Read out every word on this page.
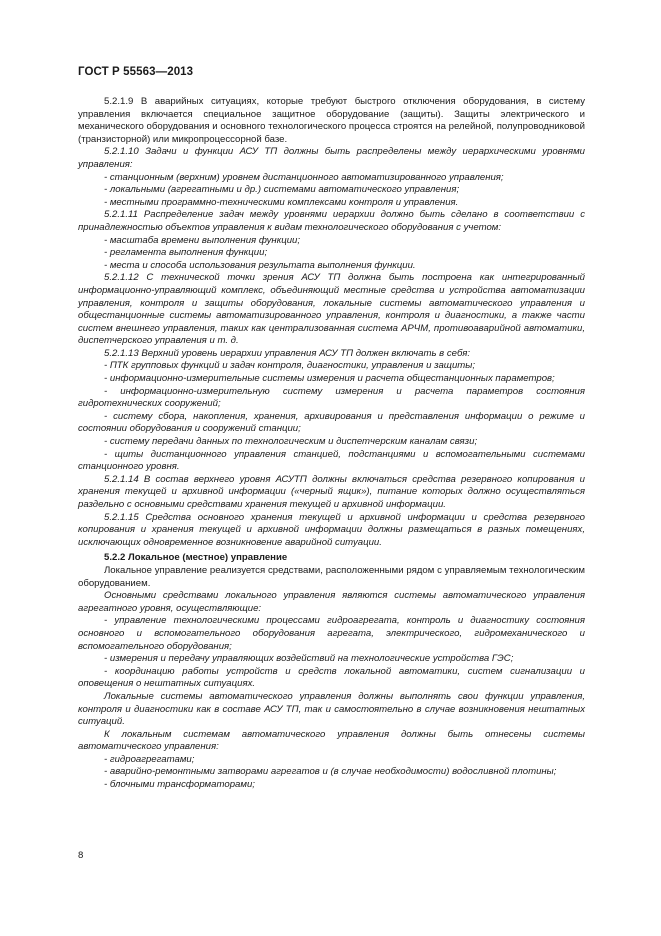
ГОСТ Р 55563—2013

5.2.1.9 В аварийных ситуациях, которые требуют быстрого отключения оборудования, в систему управления включается специальное защитное оборудование (защиты). Защиты электрического и механического оборудования и основного технологического процесса строятся на релейной, полупроводниковой (транзисторной) или микропроцессорной базе.

5.2.1.10 Задачи и функции АСУ ТП должны быть распределены между иерархическими уровнями управления:

- станционным (верхним) уровнем дистанционного автоматизированного управления;

- локальными (агрегатными и др.) системами автоматического управления;

- местными программно-техническими комплексами контроля и управления.

5.2.1.11 Распределение задач между уровнями иерархии должно быть сделано в соответствии с принадлежностью объектов управления к видам технологического оборудования с учетом:

- масштаба времени выполнения функции;

- регламента выполнения функции;

- места и способа использования результата выполнения функции.

5.2.1.12 С технической точки зрения АСУ ТП должна быть построена как интегрированный информационно-управляющий комплекс, объединяющий местные средства и устройства автоматизации управления, контроля и защиты оборудования, локальные системы автоматического управления и общестанционные системы автоматизированного управления, контроля и диагностики, а также части систем внешнего управления, таких как централизованная система АРЧМ, противоаварийной автоматики, диспетчерского управления и т. д.

5.2.1.13 Верхний уровень иерархии управления АСУ ТП должен включать в себя:

- ПТК групповых функций и задач контроля, диагностики, управления и защиты;

- информационно-измерительные системы измерения и расчета общестанционных параметров;

- информационно-измерительную систему измерения и расчета параметров состояния гидротехнических сооружений;

- систему сбора, накопления, хранения, архивирования и представления информации о режиме и состоянии оборудования и сооружений станции;

- систему передачи данных по технологическим и диспетчерским каналам связи;

- щиты дистанционного управления станцией, подстанциями и вспомогательными системами станционного уровня.

5.2.1.14 В состав верхнего уровня АСУТП должны включаться средства резервного копирования и хранения текущей и архивной информации («черный ящик»), питание которых должно осуществляться раздельно с основными средствами хранения текущей и архивной информации.

5.2.1.15 Средства основного хранения текущей и архивной информации и средства резервного копирования и хранения текущей и архивной информации должны размещаться в разных помещениях, исключающих одновременное возникновение аварийной ситуации.

5.2.2 Локальное (местное) управление

Локальное управление реализуется средствами, расположенными рядом с управляемым технологическим оборудованием.

Основными средствами локального управления являются системы автоматического управления агрегатного уровня, осуществляющие:

- управление технологическими процессами гидроагрегата, контроль и диагностику состояния основного и вспомогательного оборудования агрегата, электрического, гидромеханического и вспомогательного оборудования;

- измерения и передачу управляющих воздействий на технологические устройства ГЭС;

- координацию работы устройств и средств локальной автоматики, систем сигнализации и оповещения о нештатных ситуациях.

Локальные системы автоматического управления должны выполнять свои функции управления, контроля и диагностики как в составе АСУ ТП, так и самостоятельно в случае возникновения нештатных ситуаций.

К локальным системам автоматического управления должны быть отнесены системы автоматического управления:

- гидроагрегатами;

- аварийно-ремонтными затворами агрегатов и (в случае необходимости) водосливной плотины;

- блочными трансформаторами;

8
